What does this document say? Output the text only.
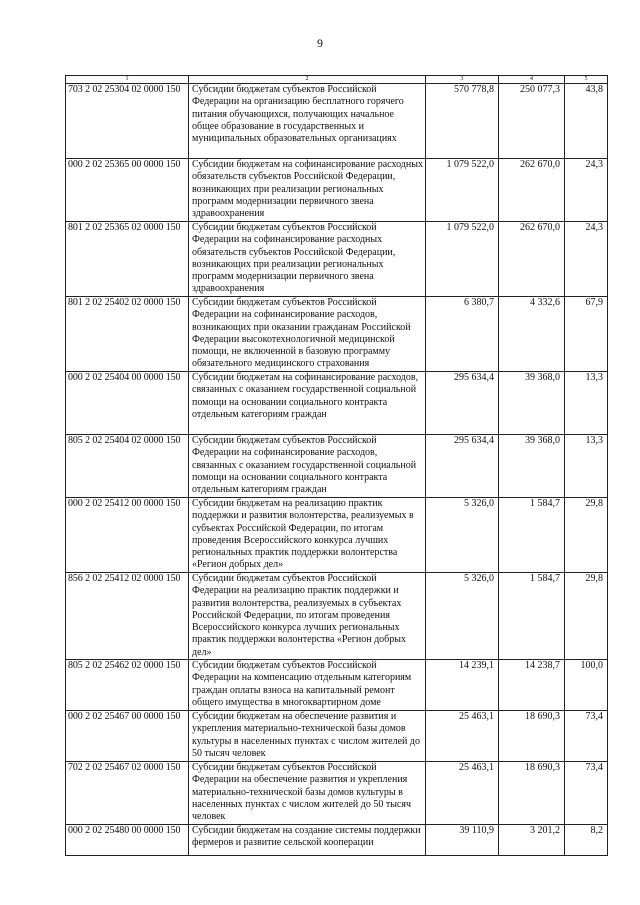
9
1	2	3	4	5
703 2 02 25304 02 0000 150	Субсидии бюджетам субъектов Российской Федерации на организацию бесплатного горячего питания обучающихся, получающих начальное общее образование в государственных и муниципальных образовательных организациях	570 778,8	250 077,3	43,8
000 2 02 25365 00 0000 150	Субсидии бюджетам на софинансирование расходных обязательств субъектов Российской Федерации, возникающих при реализации региональных программ модернизации первичного звена здравоохранения	1 079 522,0	262 670,0	24,3
801 2 02 25365 02 0000 150	Субсидии бюджетам субъектов Российской Федерации на софинансирование расходных обязательств субъектов Российской Федерации, возникающих при реализации региональных программ модернизации первичного звена здравоохранения	1 079 522,0	262 670,0	24,3
801 2 02 25402 02 0000 150	Субсидии бюджетам субъектов Российской Федерации на софинансирование расходов, возникающих при оказании гражданам Российской Федерации высокотехнологичной медицинской помощи, не включенной в базовую программу обязательного медицинского страхования	6 380,7	4 332,6	67,9
000 2 02 25404 00 0000 150	Субсидии бюджетам на софинансирование расходов, связанных с оказанием государственной социальной помощи на основании социального контракта отдельным категориям граждан	295 634,4	39 368,0	13,3
805 2 02 25404 02 0000 150	Субсидии бюджетам субъектов Российской Федерации на софинансирование расходов, связанных с оказанием государственной социальной помощи на основании социального контракта отдельным категориям граждан	295 634,4	39 368,0	13,3
000 2 02 25412 00 0000 150	Субсидии бюджетам на реализацию практик поддержки и развития волонтерства, реализуемых в субъектах Российской Федерации, по итогам проведения Всероссийского конкурса лучших региональных практик поддержки волонтерства «Регион добрых дел»	5 326,0	1 584,7	29,8
856 2 02 25412 02 0000 150	Субсидии бюджетам субъектов Российской Федерации на реализацию практик поддержки и развития волонтерства, реализуемых в субъектах Российской Федерации, по итогам проведения Всероссийского конкурса лучших региональных практик поддержки волонтерства «Регион добрых дел»	5 326,0	1 584,7	29,8
805 2 02 25462 02 0000 150	Субсидии бюджетам субъектов Российской Федерации на компенсацию отдельным категориям граждан оплаты взноса на капитальный ремонт общего имущества в многоквартирном доме	14 239,1	14 238,7	100,0
000 2 02 25467 00 0000 150	Субсидии бюджетам на обеспечение развития и укрепления материально-технической базы домов культуры в населенных пунктах с числом жителей до 50 тысяч человек	25 463,1	18 690,3	73,4
702 2 02 25467 02 0000 150	Субсидии бюджетам субъектов Российской Федерации на обеспечение развития и укрепления материально-технической базы домов культуры в населенных пунктах с числом жителей до 50 тысяч человек	25 463,1	18 690,3	73,4
000 2 02 25480 00 0000 150	Субсидии бюджетам на создание системы поддержки фермеров и развитие сельской кооперации	39 110,9	3 201,2	8,2
